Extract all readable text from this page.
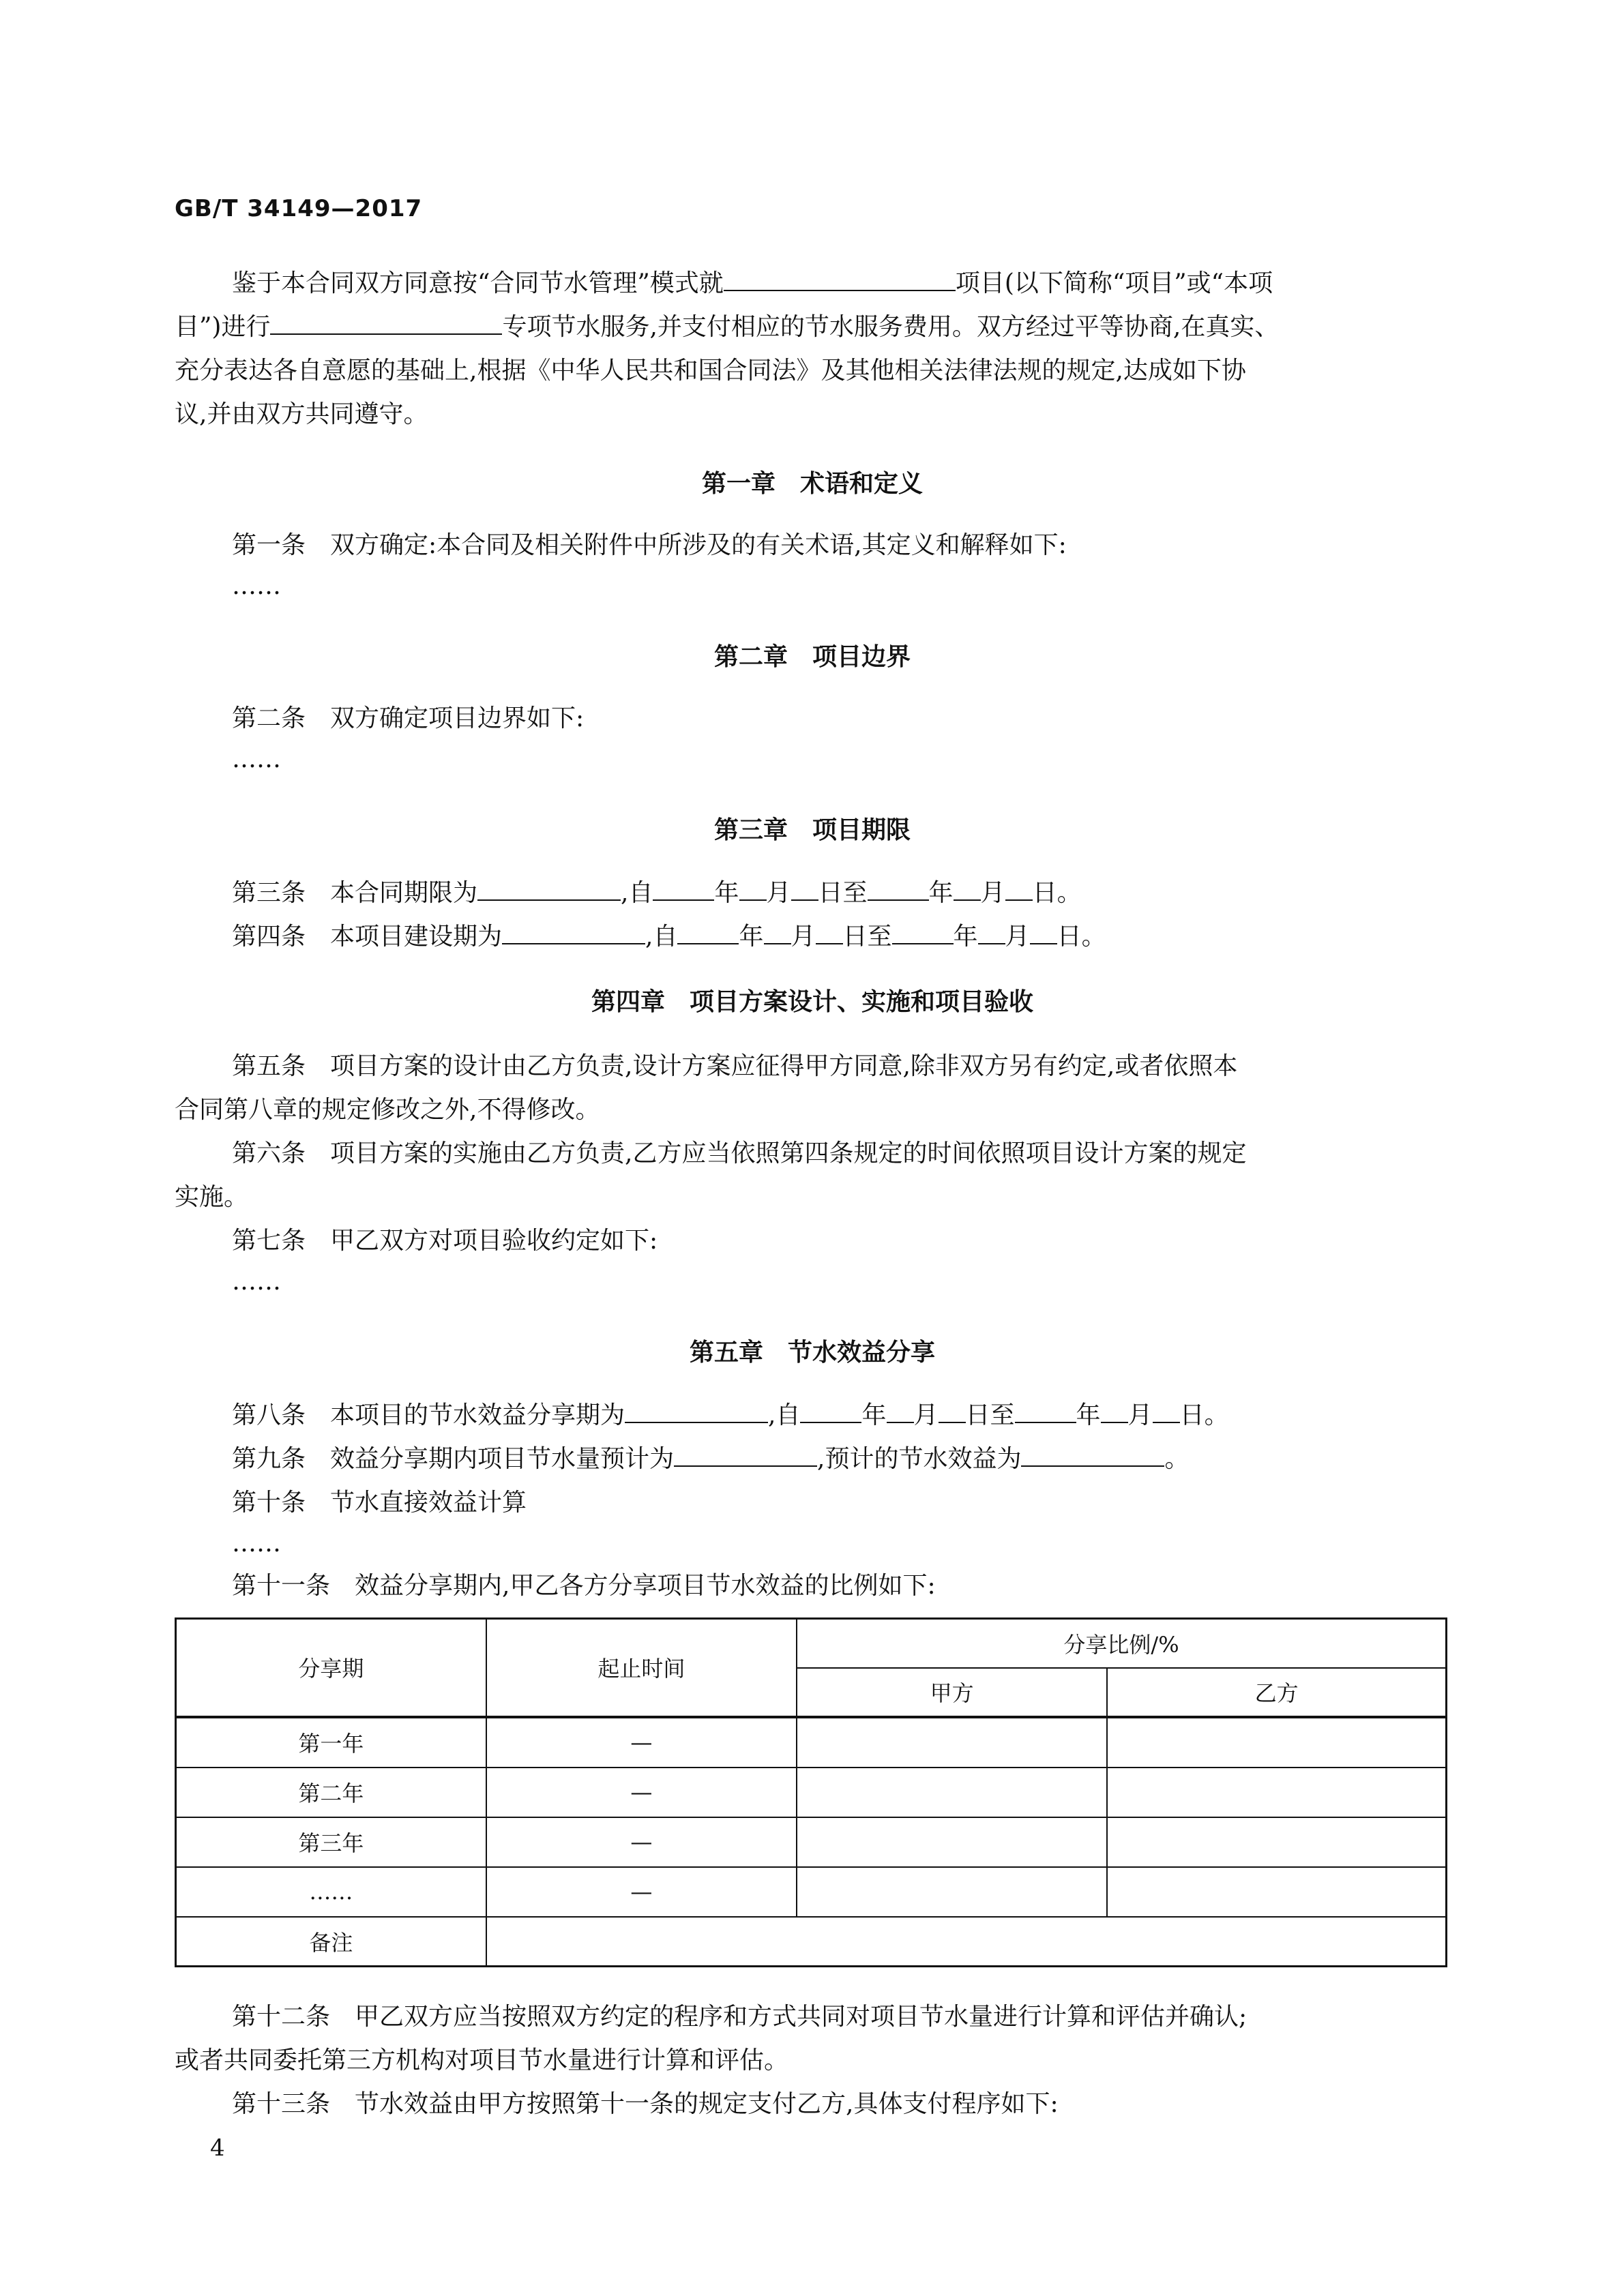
GB/T 34149—2017
鉴于本合同双方同意按“合同节水管理”模式就	项目(以下简称“项目”或“本项
目”)进行	专项节水服务,并支付相应的节水服务费用。双方经过平等协商,在真实、
充分表达各自意愿的基础上,根据《中华人民共和国合同法》及其他相关法律法规的规定,达成如下协
议,并由双方共同遵守。
第一章　术语和定义
第一条 双方确定:本合同及相关附件中所涉及的有关术语,其定义和解释如下:
……
第二章　项目边界
第二条 双方确定项目边界如下:
……
第三章　项目期限
第三条 本合同期限为	,自	年 月 日至	年 月 日。
第四条 本项目建设期为	,自	年 月 日至	年 月 日。
第四章　项目方案设计、实施和项目验收
第五条 项目方案的设计由乙方负责,设计方案应征得甲方同意,除非双方另有约定,或者依照本
合同第八章的规定修改之外,不得修改。
第六条 项目方案的实施由乙方负责,乙方应当依照第四条规定的时间依照项目设计方案的规定
实施。
第七条 甲乙双方对项目验收约定如下:
……
第五章　节水效益分享
第八条 本项目的节水效益分享期为	,自	年 月 日至	年 月 日。
第九条 效益分享期内项目节水量预计为	,预计的节水效益为	。
第十条 节水直接效益计算
……
第十一条 效益分享期内,甲乙各方分享项目节水效益的比例如下:
分享期	起止时间	分享比例/%	
		甲方	乙方
第一年	—		
第二年	—		
第三年	—		
……	—		
备注			
第十二条 甲乙双方应当按照双方约定的程序和方式共同对项目节水量进行计算和评估并确认;
或者共同委托第三方机构对项目节水量进行计算和评估。
第十三条 节水效益由甲方按照第十一条的规定支付乙方,具体支付程序如下:
4
